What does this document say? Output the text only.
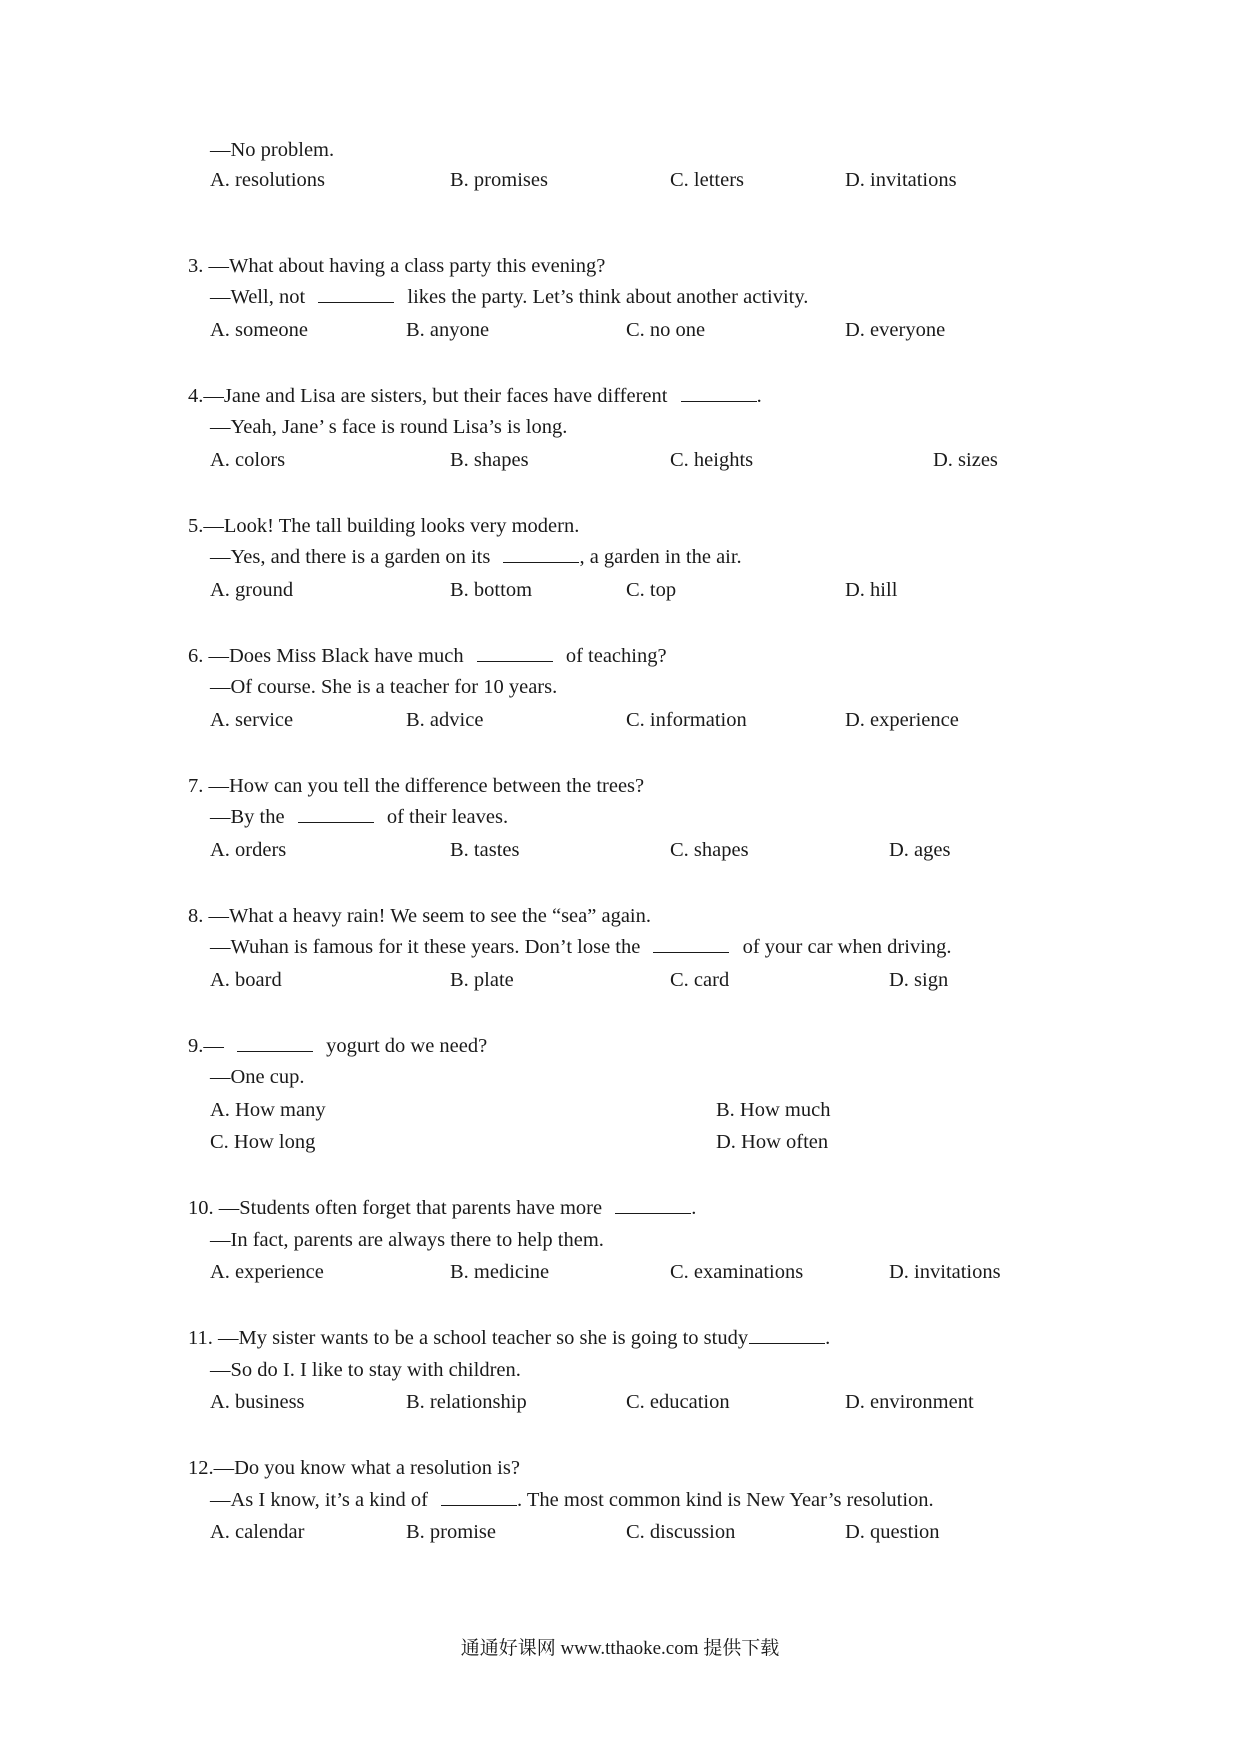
—No problem.
A. resolutions	B. promises	C. letters	D. invitations
3. —What about having a class party this evening?
—Well, not	likes the party. Let’s think about another activity.
A. someone	B. anyone	C. no one	D. everyone
4.—Jane and Lisa are sisters, but their faces have different	.
—Yeah, Jane’ s face is round Lisa’s is long.
A. colors	B. shapes	C. heights	D. sizes
5.—Look! The tall building looks very modern.
—Yes, and there is a garden on its	, a garden in the air.
A. ground	B. bottom	C. top	D. hill
6. —Does Miss Black have much	of teaching?
—Of course. She is a teacher for 10 years.
A. service	B. advice	C. information	D. experience
7. —How can you tell the difference between the trees?
—By the	of their leaves.
A. orders	B. tastes	C. shapes	D. ages
8. —What a heavy rain! We seem to see the “sea” again.
—Wuhan is famous for it these years. Don’t lose the	of your car when driving.
A. board	B. plate	C. card	D. sign
9.—	yogurt do we need?
—One cup.
A. How many	B. How much
C. How long	D. How often
10. —Students often forget that parents have more	.
—In fact, parents are always there to help them.
A. experience	B. medicine	C. examinations	D. invitations
11. —My sister wants to be a school teacher so she is going to study	.
—So do I. I like to stay with children.
A. business	B. relationship	C. education	D. environment
12.—Do you know what a resolution is?
—As I know, it’s a kind of	. The most common kind is New Year’s resolution.
A. calendar	B. promise	C. discussion	D. question
通通好课网 www.tthaoke.com 提供下载
